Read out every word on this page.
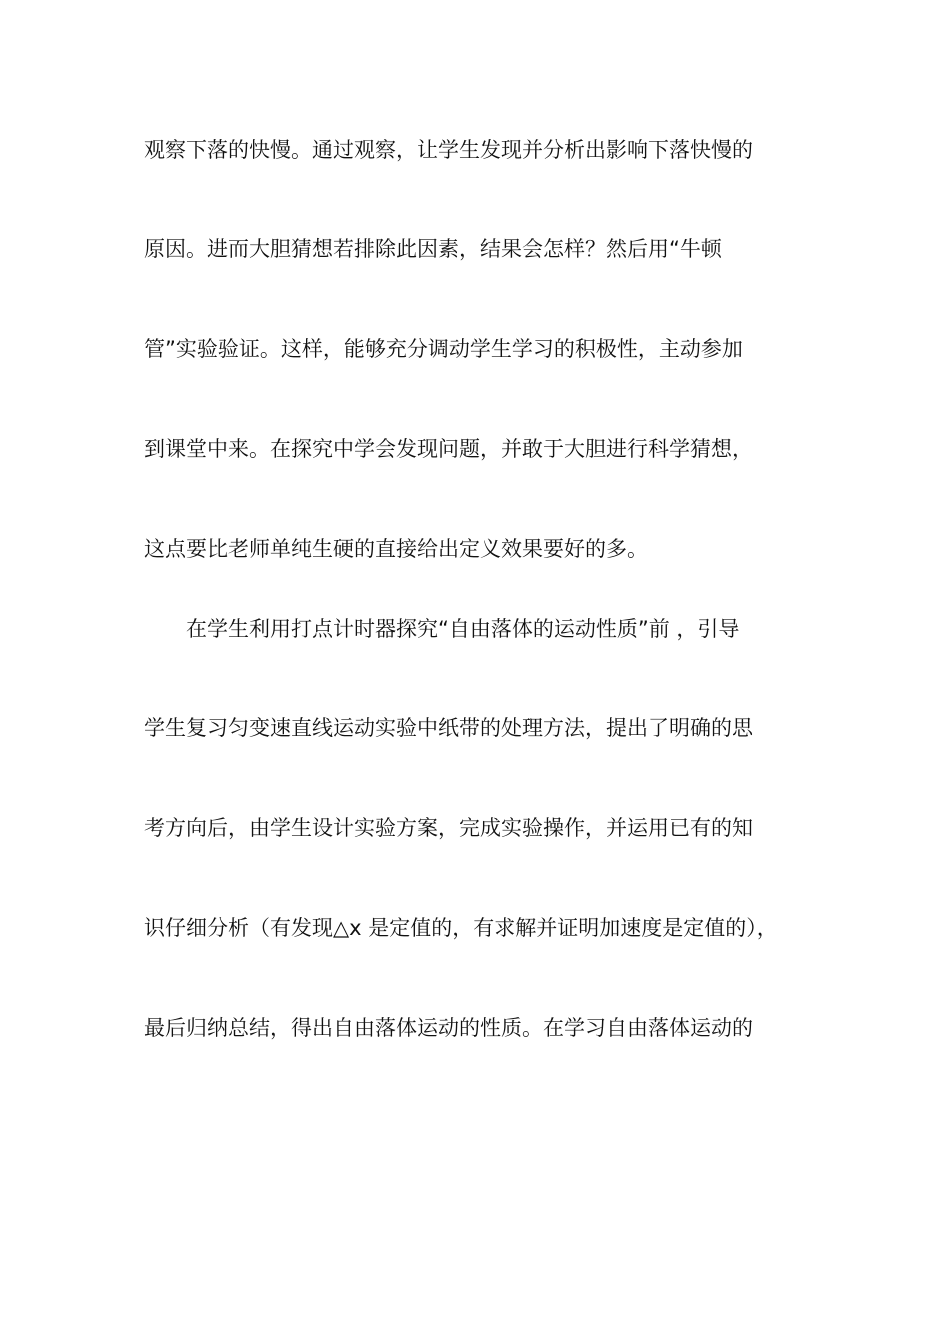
观察下落的快慢。通过观察，让学生发现并分析出影响下落快慢的
原因。进而大胆猜想若排除此因素，结果会怎样？然后用“牛顿
管”实验验证。这样，能够充分调动学生学习的积极性，主动参加
到课堂中来。在探究中学会发现问题，并敢于大胆进行科学猜想，
这点要比老师单纯生硬的直接给出定义效果要好的多。
在学生利用打点计时器探究“自由落体的运动性质”前 ，引导
学生复习匀变速直线运动实验中纸带的处理方法，提出了明确的思
考方向后，由学生设计实验方案，完成实验操作，并运用已有的知
识仔细分析（有发现△x 是定值的，有求解并证明加速度是定值的），
最后归纳总结，得出自由落体运动的性质。在学习自由落体运动的
